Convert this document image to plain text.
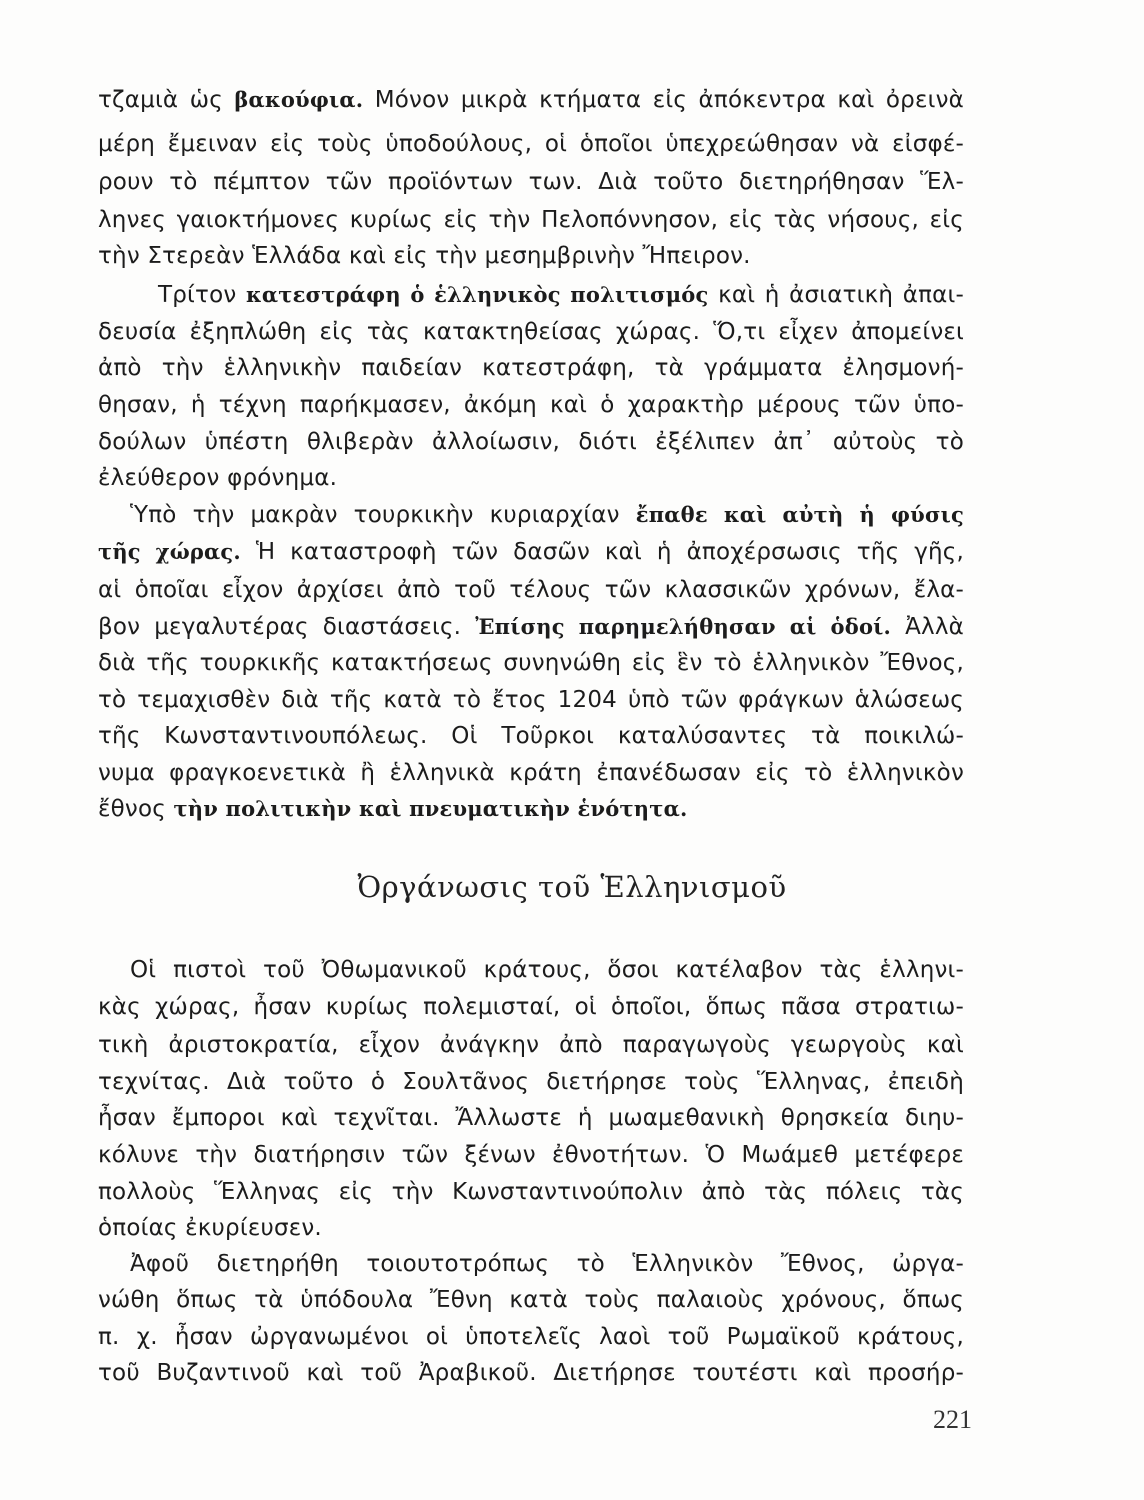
τζαμιὰ ὡς βακούφια. Μόνον μικρὰ κτήματα εἰς ἀπόκεντρα καὶ ὀρεινὰ
μέρη ἔμειναν εἰς τοὺς ὑποδούλους, οἱ ὁποῖοι ὑπεχρεώθησαν νὰ εἰσφέ-
ρουν τὸ πέμπτον τῶν προϊόντων των. Διὰ τοῦτο διετηρήθησαν Ἕλ-
ληνες γαιοκτήμονες κυρίως εἰς τὴν Πελοπόννησον, εἰς τὰς νήσους, εἰς
τὴν Στερεὰν Ἑλλάδα καὶ εἰς τὴν μεσημβρινὴν Ἤπειρον.
Τρίτον κατεστράφη ὁ ἑλληνικὸς πολιτισμός καὶ ἡ ἀσιατικὴ ἀπαι-
δευσία ἐξηπλώθη εἰς τὰς κατακτηθείσας χώρας. Ὅ,τι εἶχεν ἀπομείνει
ἀπὸ τὴν ἑλληνικὴν παιδείαν κατεστράφη, τὰ γράμματα ἐλησμονή-
θησαν, ἡ τέχνη παρήκμασεν, ἀκόμη καὶ ὁ χαρακτὴρ μέρους τῶν ὑπο-
δούλων ὑπέστη θλιβερὰν ἀλλοίωσιν, διότι ἐξέλιπεν ἀπ᾽ αὐτοὺς τὸ
ἐλεύθερον φρόνημα.
Ὑπὸ τὴν μακρὰν τουρκικὴν κυριαρχίαν ἔπαθε καὶ αὐτὴ ἡ φύσις
τῆς χώρας. Ἡ καταστροφὴ τῶν δασῶν καὶ ἡ ἀποχέρσωσις τῆς γῆς,
αἱ ὁποῖαι εἶχον ἀρχίσει ἀπὸ τοῦ τέλους τῶν κλασσικῶν χρόνων, ἔλα-
βον μεγαλυτέρας διαστάσεις. Ἐπίσης παρημελήθησαν αἱ ὁδοί. Ἀλλὰ
διὰ τῆς τουρκικῆς κατακτήσεως συνηνώθη εἰς ἓν τὸ ἑλληνικὸν Ἔθνος,
τὸ τεμαχισθὲν διὰ τῆς κατὰ τὸ ἔτος 1204 ὑπὸ τῶν φράγκων ἁλώσεως
τῆς Κωνσταντινουπόλεως. Οἱ Τοῦρκοι καταλύσαντες τὰ ποικιλώ-
νυμα φραγκοενετικὰ ἢ ἑλληνικὰ κράτη ἐπανέδωσαν εἰς τὸ ἑλληνικὸν
ἔθνος τὴν πολιτικὴν καὶ πνευματικὴν ἑνότητα.
Ὀργάνωσις τοῦ Ἑλληνισμοῦ
Οἱ πιστοὶ τοῦ Ὀθωμανικοῦ κράτους, ὅσοι κατέλαβον τὰς ἑλληνι-
κὰς χώρας, ἦσαν κυρίως πολεμισταί, οἱ ὁποῖοι, ὅπως πᾶσα στρατιω-
τικὴ ἀριστοκρατία, εἶχον ἀνάγκην ἀπὸ παραγωγοὺς γεωργοὺς καὶ
τεχνίτας. Διὰ τοῦτο ὁ Σουλτᾶνος διετήρησε τοὺς Ἕλληνας, ἐπειδὴ
ἦσαν ἔμποροι καὶ τεχνῖται. Ἄλλωστε ἡ μωαμεθανικὴ θρησκεία διηυ-
κόλυνε τὴν διατήρησιν τῶν ξένων ἐθνοτήτων. Ὁ Μωάμεθ μετέφερε
πολλοὺς Ἕλληνας εἰς τὴν Κωνσταντινούπολιν ἀπὸ τὰς πόλεις τὰς
ὁποίας ἐκυρίευσεν.
Ἀφοῦ διετηρήθη τοιουτοτρόπως τὸ Ἑλληνικὸν Ἔθνος, ὠργα-
νώθη ὅπως τὰ ὑπόδουλα Ἔθνη κατὰ τοὺς παλαιοὺς χρόνους, ὅπως
π. χ. ἦσαν ὠργανωμένοι οἱ ὑποτελεῖς λαοὶ τοῦ Ρωμαϊκοῦ κράτους,
τοῦ Βυζαντινοῦ καὶ τοῦ Ἀραβικοῦ. Διετήρησε τουτέστι καὶ προσήρ-
221
